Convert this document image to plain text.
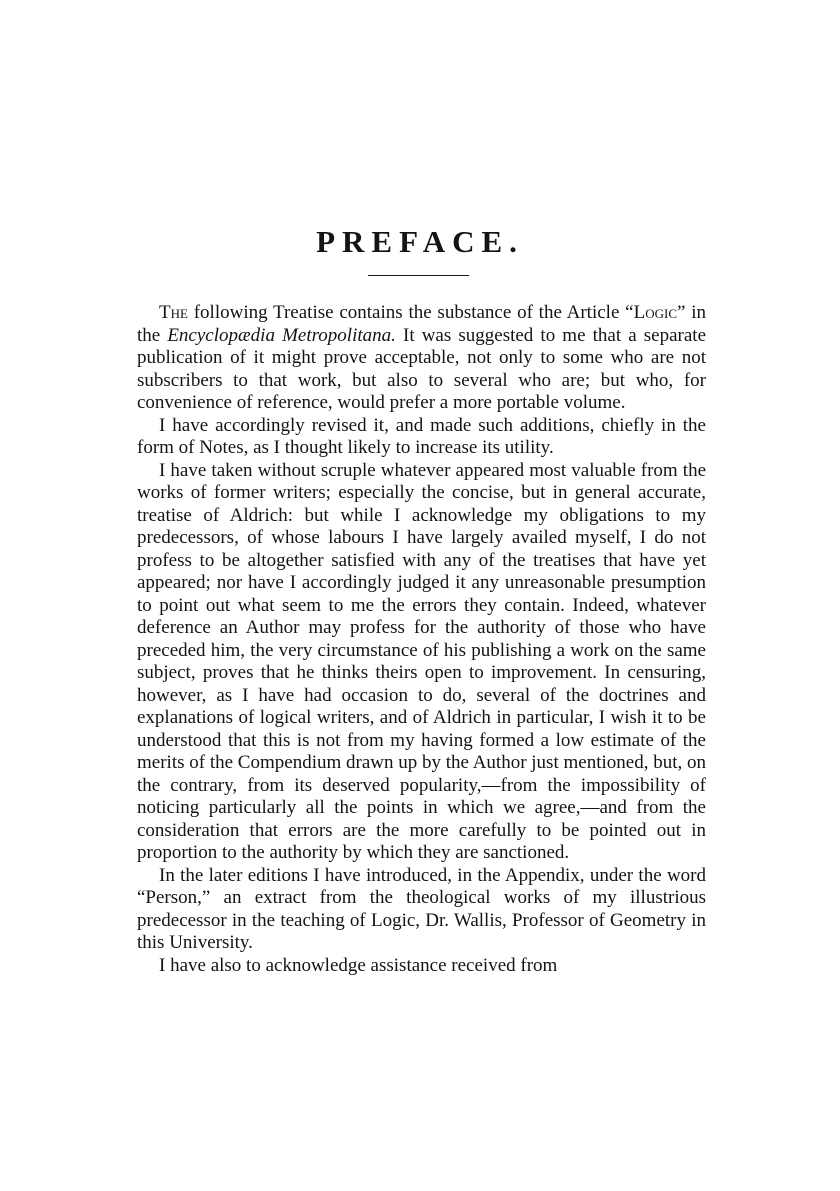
PREFACE.

The following Treatise contains the substance of the Article “Logic” in the Encyclopædia Metropolitana. It was suggested to me that a separate publication of it might prove acceptable, not only to some who are not subscribers to that work, but also to several who are; but who, for convenience of reference, would prefer a more portable volume.

I have accordingly revised it, and made such additions, chiefly in the form of Notes, as I thought likely to increase its utility.

I have taken without scruple whatever appeared most valuable from the works of former writers; especially the concise, but in general accurate, treatise of Aldrich: but while I acknowledge my obligations to my predecessors, of whose labours I have largely availed myself, I do not profess to be altogether satisfied with any of the treatises that have yet appeared; nor have I accordingly judged it any unreasonable presumption to point out what seem to me the errors they contain. Indeed, whatever deference an Author may profess for the authority of those who have preceded him, the very circumstance of his publishing a work on the same subject, proves that he thinks theirs open to improvement. In censuring, however, as I have had occasion to do, several of the doctrines and explanations of logical writers, and of Aldrich in particular, I wish it to be understood that this is not from my having formed a low estimate of the merits of the Compendium drawn up by the Author just mentioned, but, on the contrary, from its deserved popularity,—from the impossibility of noticing particularly all the points in which we agree,—and from the consideration that errors are the more carefully to be pointed out in proportion to the authority by which they are sanctioned.

In the later editions I have introduced, in the Appendix, under the word “Person,” an extract from the theological works of my illustrious predecessor in the teaching of Logic, Dr. Wallis, Professor of Geometry in this University.

I have also to acknowledge assistance received from
